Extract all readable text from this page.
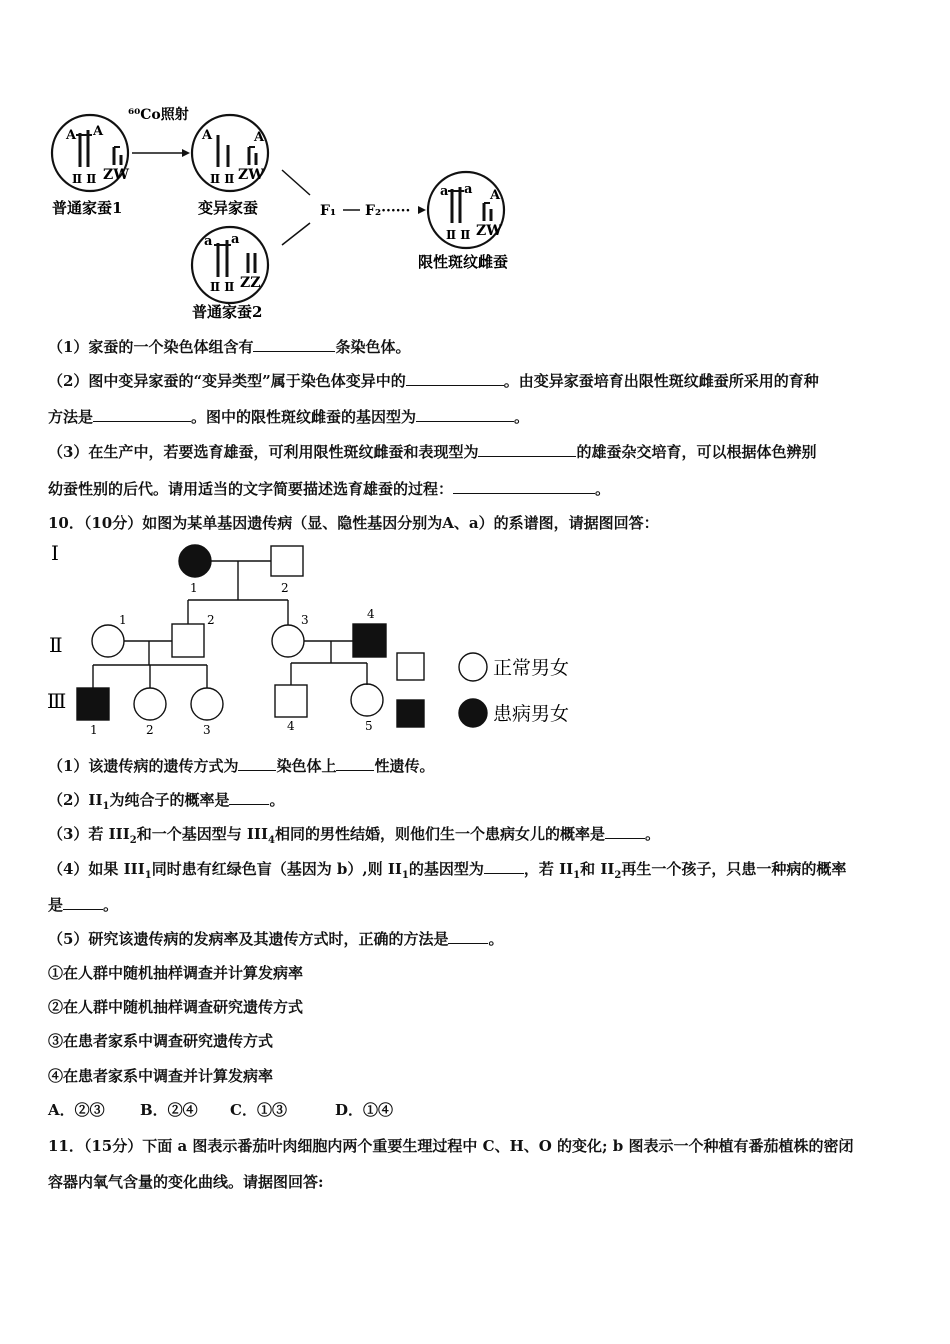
A A
ZW
Ⅱ Ⅱ
普通家蚕1
⁶⁰Co照射
A	A
ZW
Ⅱ Ⅱ
变异家蚕
a a
ZZ
Ⅱ Ⅱ
普通家蚕2
F₁ F₂······
a a A
ZW
Ⅱ Ⅱ
限性斑纹雌蚕
（1）家蚕的一个染色体组含有	条染色体。
（2）图中变异家蚕的“变异类型”属于染色体变异中的	。由变异家蚕培育出限性斑纹雌蚕所采用的育种
方法是	。图中的限性斑纹雌蚕的基因型为	。
（3）在生产中，若要选育雄蚕，可利用限性斑纹雌蚕和表现型为	的雄蚕杂交培育，可以根据体色辨别
幼蚕性别的后代。请用适当的文字简要描述选育雄蚕的过程：	。
10．（10分）如图为某单基因遗传病（显、隐性基因分别为A、a）的系谱图，请据图回答：
Ⅰ
Ⅱ
Ⅲ
1	2
1	2	3	4
1	2	3	4	5
正常男女
患病男女
（1）该遗传病的遗传方式为	染色体上	性遗传。
$(2)II_1$为纯合子的概率是	。
（3）若 $III_2$和一个基因型与 $III_4$相同的男性结婚，则他们生一个患病女儿的概率是	。
（4）如果 $III_1$同时患有红绿色盲（基因为 b）,则 $II_1$的基因型为	，若 $II_1$和 $II_2$再生一个孩子，只患一种病的概率
是	。
（5）研究该遗传病的发病率及其遗传方式时，正确的方法是	。
①在人群中随机抽样调查并计算发病率
②在人群中随机抽样调查研究遗传方式
③在患者家系中调查研究遗传方式
④在患者家系中调查并计算发病率
A．②③ B．②④ C．①③	D．①④
11．（15分）下面 a 图表示番茄叶肉细胞内两个重要生理过程中 C、H、O 的变化; b 图表示一个种植有番茄植株的密闭
容器内氧气含量的变化曲线。请据图回答:
